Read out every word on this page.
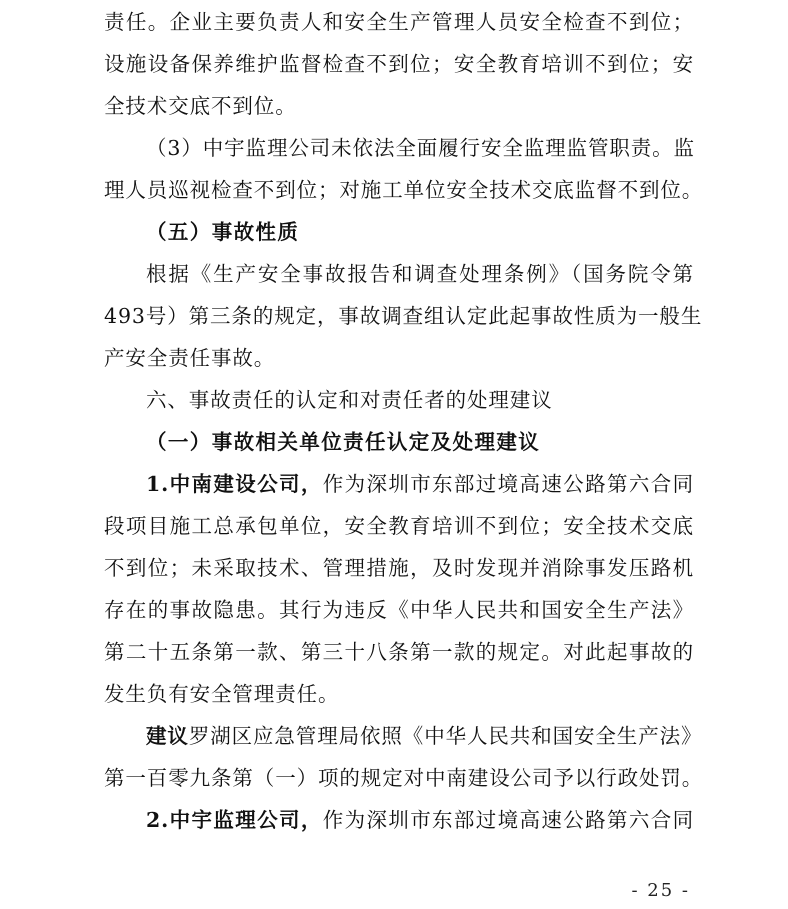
责任。企业主要负责人和安全生产管理人员安全检查不到位；
设施设备保养维护监督检查不到位；安全教育培训不到位；安
全技术交底不到位。
（3）中宇监理公司未依法全面履行安全监理监管职责。监
理人员巡视检查不到位；对施工单位安全技术交底监督不到位。
（五）事故性质
根据《生产安全事故报告和调查处理条例》（国务院令第
493号）第三条的规定，事故调查组认定此起事故性质为一般生
产安全责任事故。
六、事故责任的认定和对责任者的处理建议
（一）事故相关单位责任认定及处理建议
1.中南建设公司，作为深圳市东部过境高速公路第六合同
段项目施工总承包单位，安全教育培训不到位；安全技术交底
不到位；未采取技术、管理措施，及时发现并消除事发压路机
存在的事故隐患。其行为违反《中华人民共和国安全生产法》
第二十五条第一款、第三十八条第一款的规定。对此起事故的
发生负有安全管理责任。
建议罗湖区应急管理局依照《中华人民共和国安全生产法》
第一百零九条第（一）项的规定对中南建设公司予以行政处罚。
2.中宇监理公司，作为深圳市东部过境高速公路第六合同
- 25 -
